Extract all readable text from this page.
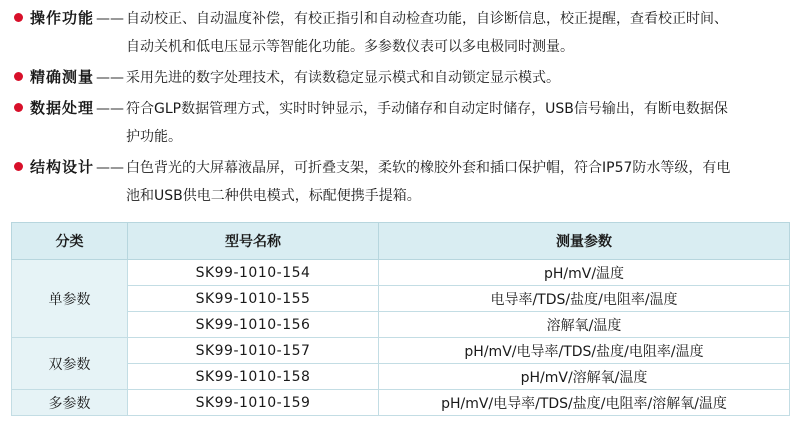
操作功能 —— 自动校正、自动温度补偿，有校正指引和自动检查功能，自诊断信息，校正提醒，查看校正时间、
自动关机和低电压显示等智能化功能。多参数仪表可以多电极同时测量。
精确测量 —— 采用先进的数字处理技术，有读数稳定显示模式和自动锁定显示模式。
数据处理 —— 符合GLP数据管理方式，实时时钟显示，手动储存和自动定时储存，USB信号输出，有断电数据保
护功能。
结构设计 —— 白色背光的大屏幕液晶屏，可折叠支架，柔软的橡胶外套和插口保护帽，符合IP57防水等级，有电
池和USB供电二种供电模式，标配便携手提箱。
分类	型号名称	测量参数
单参数	SK99-1010-154	pH/mV/温度
	SK99-1010-155	电导率/TDS/盐度/电阻率/温度
	SK99-1010-156	溶解氧/温度
双参数	SK99-1010-157	pH/mV/电导率/TDS/盐度/电阻率/温度
	SK99-1010-158	pH/mV/溶解氧/温度
多参数	SK99-1010-159	pH/mV/电导率/TDS/盐度/电阻率/溶解氧/温度
